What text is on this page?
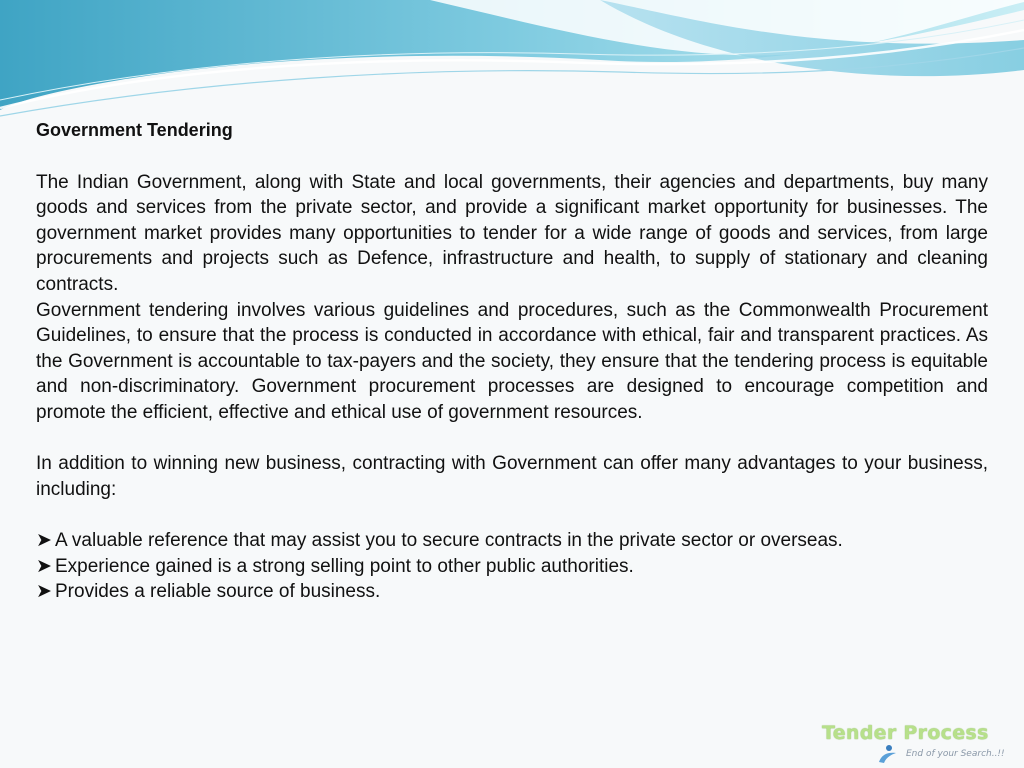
Government Tendering

The Indian Government, along with State and local governments, their agencies and departments, buy many goods and services from the private sector, and provide a significant market opportunity for businesses. The government market provides many opportunities to tender for a wide range of goods and services, from large procurements and projects such as Defence, infrastructure and health, to supply of stationary and cleaning contracts.

Government tendering involves various guidelines and procedures, such as the Commonwealth Procurement Guidelines, to ensure that the process is conducted in accordance with ethical, fair and transparent practices. As the Government is accountable to tax-payers and the society, they ensure that the tendering process is equitable and non-discriminatory. Government procurement processes are designed to encourage competition and promote the efficient, effective and ethical use of government resources.

In addition to winning new business, contracting with Government can offer many advantages to your business, including:

➤ A valuable reference that may assist you to secure contracts in the private sector or overseas.

➤ Experience gained is a strong selling point to other public authorities.

➤ Provides a reliable source of business.

Tender Process
End of your Search..!!
